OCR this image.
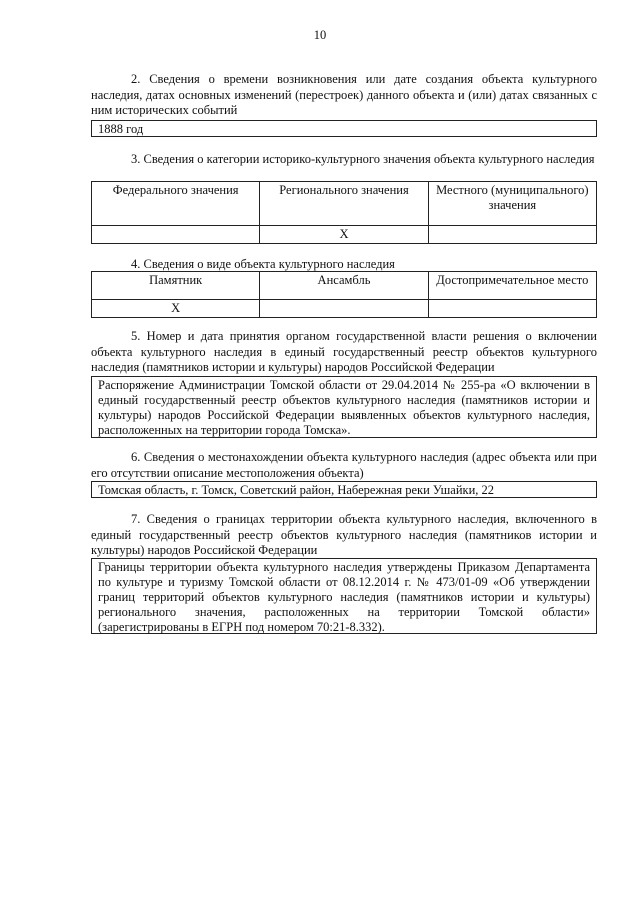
10
2. Сведения о времени возникновения или дате создания объекта культурного наследия, датах основных изменений (перестроек) данного объекта и (или) датах связанных с ним исторических событий
1888 год
3. Сведения о категории историко-культурного значения объекта культурного наследия
Федерального значения	Регионального значения	Местного (муниципального) значения
	X	
4. Сведения о виде объекта культурного наследия
Памятник	Ансамбль	Достопримечательное место
X		
5. Номер и дата принятия органом государственной власти решения о включении объекта культурного наследия в единый государственный реестр объектов культурного наследия (памятников истории и культуры) народов Российской Федерации
Распоряжение Администрации Томской области от 29.04.2014 № 255-ра «О включении в единый государственный реестр объектов культурного наследия (памятников истории и культуры) народов Российской Федерации выявленных объектов культурного наследия, расположенных на территории города Томска».
6. Сведения о местонахождении объекта культурного наследия (адрес объекта или при его отсутствии описание местоположения объекта)
Томская область, г. Томск, Советский район, Набережная реки Ушайки, 22
7. Сведения о границах территории объекта культурного наследия, включенного в единый государственный реестр объектов культурного наследия (памятников истории и культуры) народов Российской Федерации
Границы территории объекта культурного наследия утверждены Приказом Департамента по культуре и туризму Томской области от 08.12.2014 г. № 473/01-09 «Об утверждении границ территорий объектов культурного наследия (памятников истории и культуры) регионального значения, расположенных на территории Томской области» (зарегистрированы в ЕГРН под номером 70:21-8.332).
